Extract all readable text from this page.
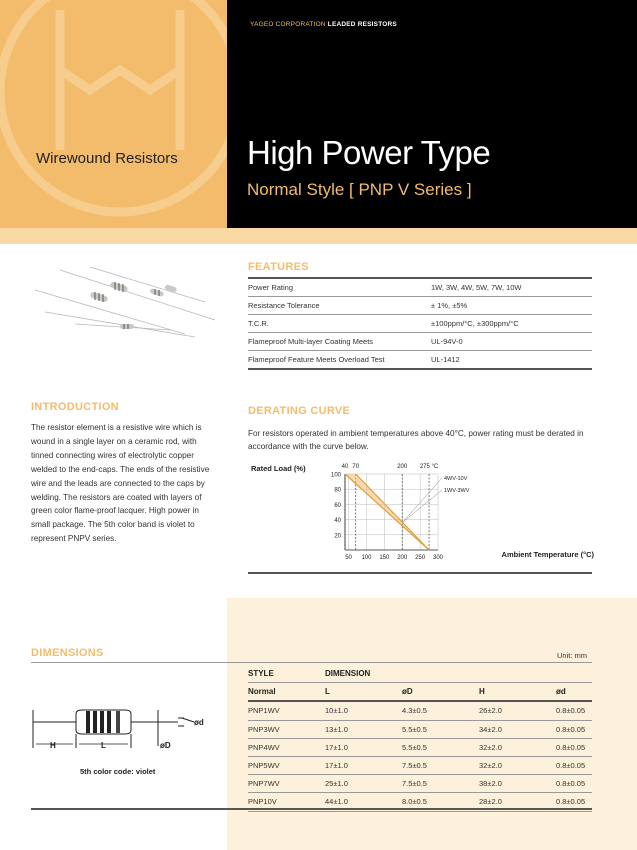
YAGEO CORPORATION LEADED RESISTORS
Wirewound Resistors High Power Type
Normal Style [ PNP V Series ]
FEATURES
Power Rating	1W, 3W, 4W, 5W, 7W, 10W
Resistance Tolerance	± 1%, ±5%
T.C.R.	±100ppm/°C, ±300ppm/°C
Flameproof Multi-layer Coating Meets	UL-94V-0
Flameproof Feature Meets Overload Test	UL-1412
INTRODUCTION
The resistor element is a resistive wire which is wound in a single layer on a ceramic rod, with tinned connecting wires of electrolytic copper welded to the end-caps. The ends of the resistive wire and the leads are connected to the caps by welding. The resistors are coated with layers of green color flame-proof lacquer. High power in small package. The 5th color band is violet to represent PNPV series.
DERATING CURVE
For resistors operated in ambient temperatures above 40°C, power rating must be derated in accordance with the curve below.
Rated Load (%)
Ambient Temperature (°C)
20
40
60
80
100
50 100 150 200 250 300
40 70	200 275 °C
4WV-10V
1WV-3WV
DIMENSIONS	Unit: mm
STYLE	DIMENSION			
Normal	L	øD	H	ød
PNP1WV	10±1.0	4.3±0.5	26±2.0	0.8±0.05
PNP3WV	13±1.0	5.5±0.5	34±2.0	0.8±0.05
PNP4WV	17±1.0	5.5±0.5	32±2.0	0.8±0.05
PNP5WV	17±1.0	7.5±0.5	32±2.0	0.8±0.05
PNP7WV	25±1.0	7.5±0.5	38±2.0	0.8±0.05
PNP10V	44±1.0	8.0±0.5	28±2.0	0.8±0.05
H	L	øD
ød
5th color code: violet
